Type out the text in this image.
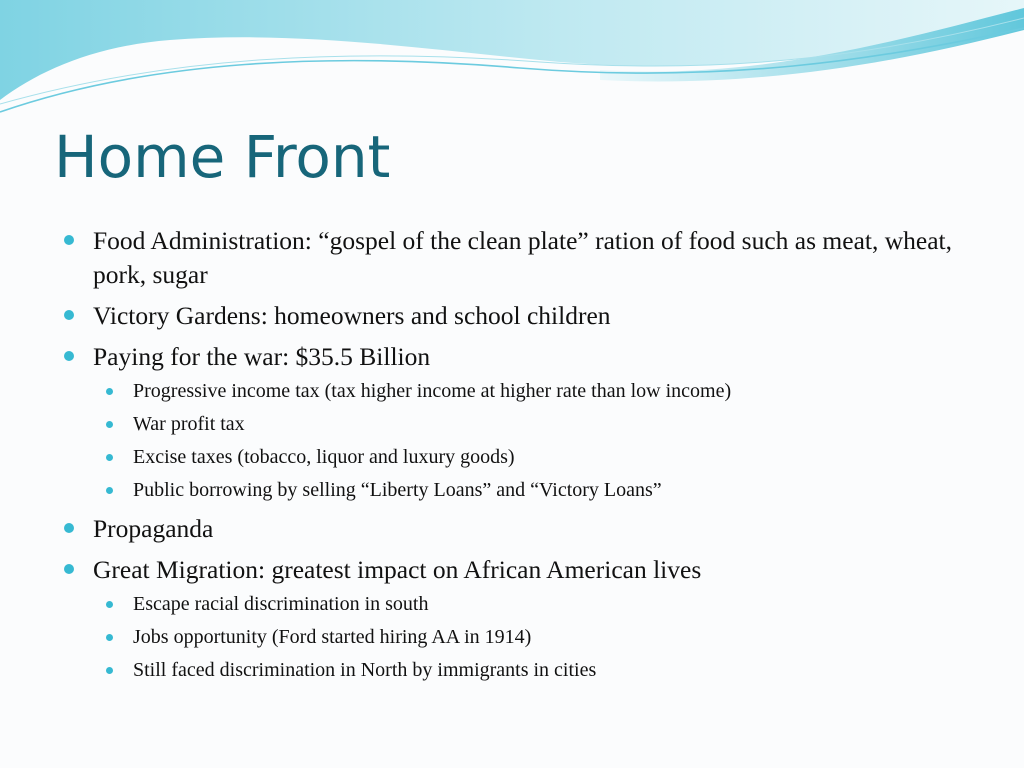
Home Front
Food Administration: “gospel of the clean plate” ration of food such as meat, wheat, pork, sugar
Victory Gardens: homeowners and school children
Paying for the war: $35.5 Billion
Progressive income tax (tax higher income at higher rate than low income)
War profit tax
Excise taxes (tobacco, liquor and luxury goods)
Public borrowing by selling “Liberty Loans” and “Victory Loans”
Propaganda
Great Migration: greatest impact on African American lives
Escape racial discrimination in south
Jobs opportunity (Ford started hiring AA in 1914)
Still faced discrimination in North by immigrants in cities
